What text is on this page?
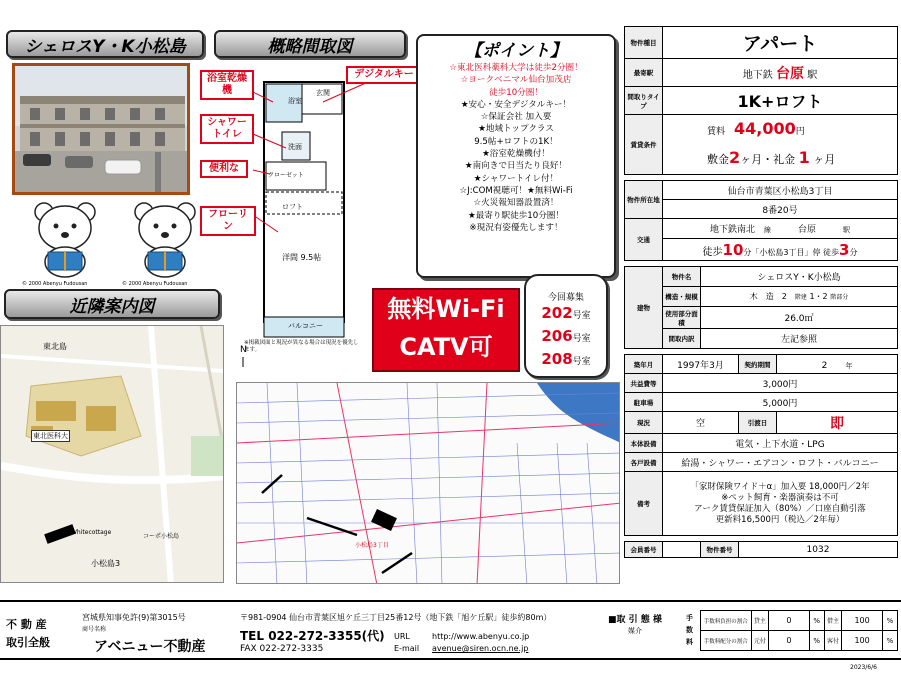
シェロスY・K小松島	概略間取図
© 2000 Abenyu Fudousan	© 2000 Abenyu Fudousan
近隣案内図
東北島
東北医科大
小松島3
Whitecottage
コーポ小松島
N
浴室
玄関
洗面
クローゼット
ロフト
洋間 9.5帖
バルコニー
※掲載図面と現況が異なる場合は現況を優先します。
浴室乾燥機
シャワートイレ
便利な
フローリン
デジタルキー
【ポイント】
☆東北医科薬科大学は徒歩2分圏！
☆ヨークベニマル仙台加茂店
徒歩10分圏！
★安心・安全デジタルキー！
☆保証会社 加入要
★地域トップクラス
9.5帖+ロフトの1K！
★浴室乾燥機付！
★南向きで日当たり良好！
★シャワートイレ付！
☆J:COM視聴可！★無料Wi-Fi
☆火災報知器設置済！
★最寄り駅徒歩10分圏！
※現況有姿優先します！
無料Wi-Fi
CATV可
今回募集
202号室
206号室
208号室
小松島3丁目
物件種目	アパート			
最寄駅	地下鉄 台原 駅			
間取りタイプ	1K+ロフト			
賃貸条件	賃料　 44,000円
敷金2ヶ月・礼金 1 ヶ月			

物件所在地	仙台市青葉区小松島3丁目			
	8番20号			
交通	地下鉄南北　 線　　　 台原　　　 駅			
	徒歩10分「小松島3丁目」停 徒歩3分			

建物	物件名	シェロスY・K小松島		
	構造・規模	木　 造　 2　 階建 1・2 階部分		
	使用部分面積	26.0㎡		
	間取内訳	左記参照		

築年月	1997年3月		契約期間	2　　 年
共益費等	3,000円			
駐車場	5,000円			
現況	空		引渡日	即
本体設備	電気・上下水道・LPG			
各戸設備	給湯・シャワー・エアコン・ロフト・バルコニー			
備考	「家財保険ワイド＋α」加入要 18,000円／2年
※ペット飼育・楽器演奏は不可
アーク賃貸保証加入（80%）／口座自動引落
更新料16,500円（税込／2年毎）			

会員番号		物件番号	1032	
不 動 産
取引全般
宮城県知事免許(9)第3015号
商号名称
アベニュー不動産
〒981-0904 仙台市青葉区旭ケ丘三丁目25番12号（地下鉄「旭ケ丘駅」徒歩約80m）
TEL 022-272-3355(代)
FAX 022-272-3335
URL	http://www.abenyu.co.jp
E-mail avenue@siren.ocn.ne.jp
■取 引 態 様
媒介
手数料
手数料負担の割合	貸主	0	%	借主	100	%
手数料配分の割合	元付	0	%	客付	100	%
2023/6/6
